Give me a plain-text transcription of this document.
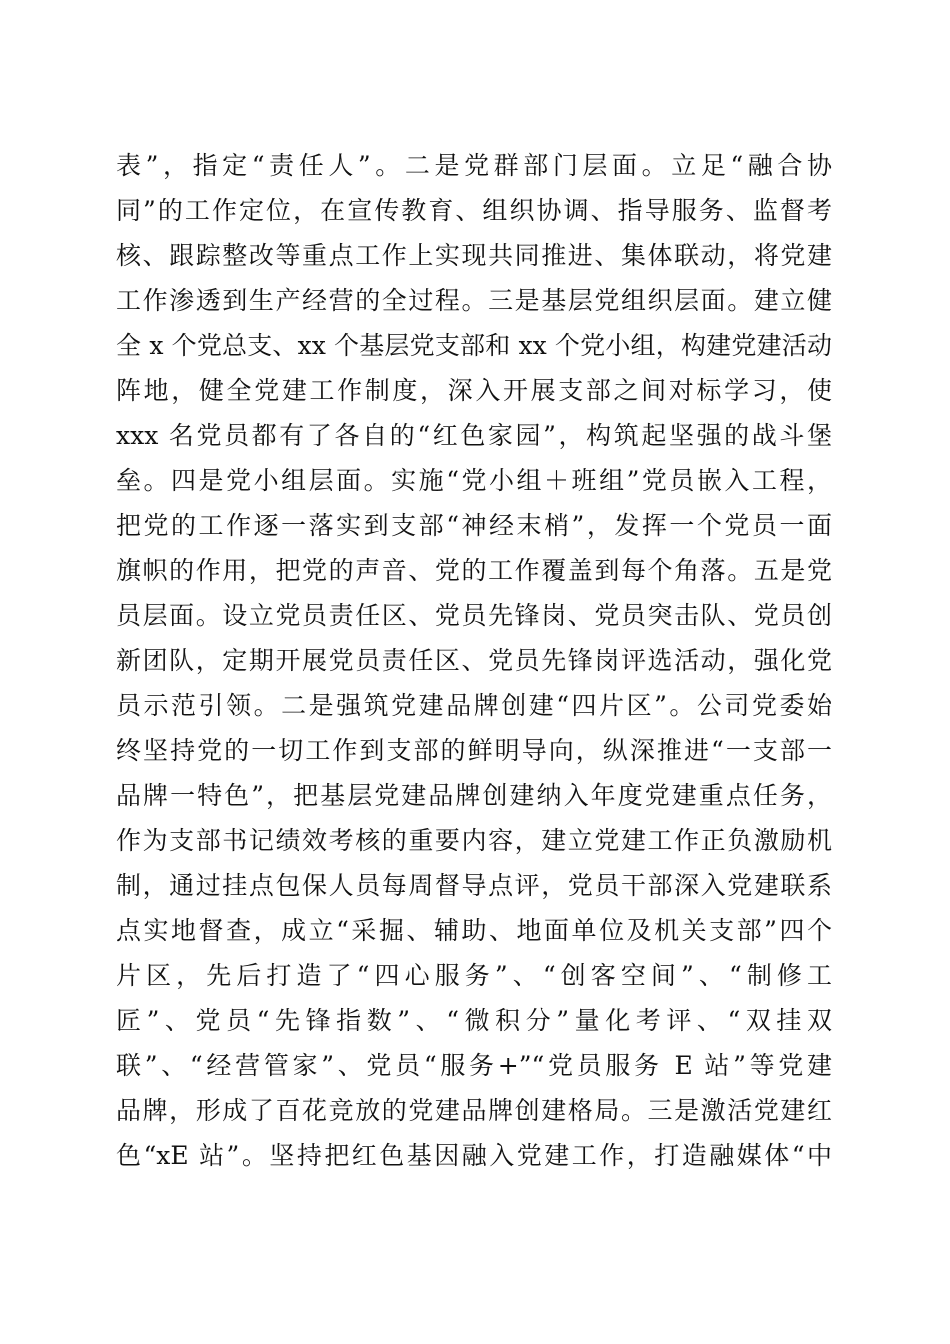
表”，指定“责任人”。二是党群部门层面。立足“融合协
同”的工作定位，在宣传教育、组织协调、指导服务、监督考
核、跟踪整改等重点工作上实现共同推进、集体联动，将党建
工作渗透到生产经营的全过程。三是基层党组织层面。建立健
全 x 个党总支、xx 个基层党支部和 xx 个党小组，构建党建活动
阵地，健全党建工作制度，深入开展支部之间对标学习，使
xxx 名党员都有了各自的“红色家园”，构筑起坚强的战斗堡
垒。四是党小组层面。实施“党小组＋班组”党员嵌入工程，
把党的工作逐一落实到支部“神经末梢”，发挥一个党员一面
旗帜的作用，把党的声音、党的工作覆盖到每个角落。五是党
员层面。设立党员责任区、党员先锋岗、党员突击队、党员创
新团队，定期开展党员责任区、党员先锋岗评选活动，强化党
员示范引领。二是强筑党建品牌创建“四片区”。公司党委始
终坚持党的一切工作到支部的鲜明导向，纵深推进“一支部一
品牌一特色”，把基层党建品牌创建纳入年度党建重点任务，
作为支部书记绩效考核的重要内容，建立党建工作正负激励机
制，通过挂点包保人员每周督导点评，党员干部深入党建联系
点实地督查，成立“采掘、辅助、地面单位及机关支部”四个
片区，先后打造了“四心服务”、“创客空间”、“制修工
匠”、党员“先锋指数”、“微积分”量化考评、“双挂双
联”、“经营管家”、党员“服务+”“党员服务 E 站”等党建
品牌，形成了百花竞放的党建品牌创建格局。三是激活党建红
色“xE 站”。坚持把红色基因融入党建工作，打造融媒体“中
